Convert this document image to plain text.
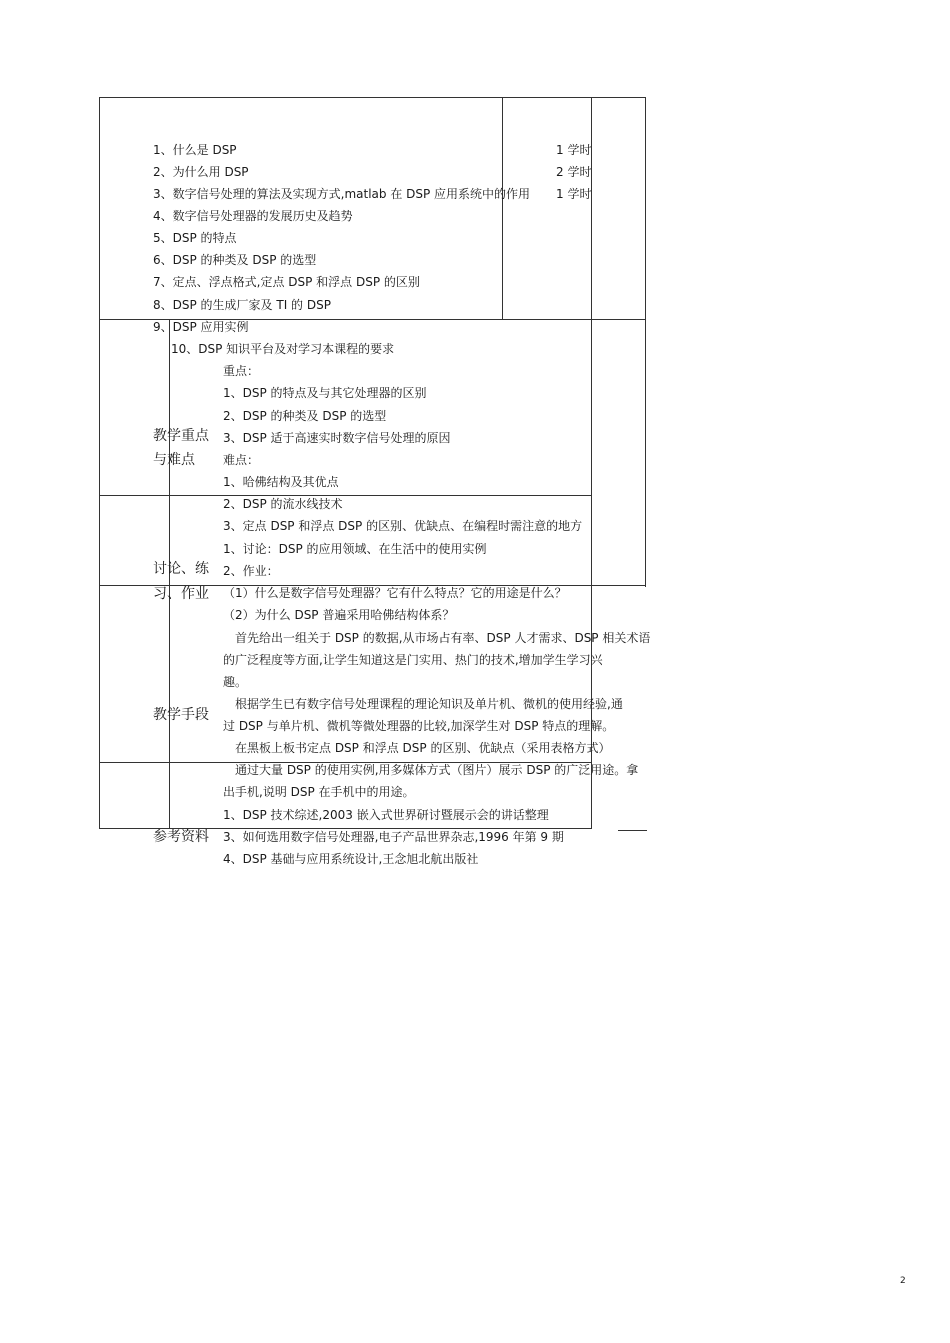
1、什么是 DSP
2、为什么用 DSP
3、数字信号处理的算法及实现方式,matlab 在 DSP 应用系统中的作用
4、数字信号处理器的发展历史及趋势
5、DSP 的特点
6、DSP 的种类及 DSP 的选型
7、定点、浮点格式,定点 DSP 和浮点 DSP 的区别
8、DSP 的生成厂家及 TI 的 DSP
9、DSP 应用实例
10、DSP 知识平台及对学习本课程的要求
1 学时
2 学时
1 学时
教学重点
与难点
重点：
1、DSP 的特点及与其它处理器的区别
2、DSP 的种类及 DSP 的选型
3、DSP 适于高速实时数字信号处理的原因
难点：
1、哈佛结构及其优点
2、DSP 的流水线技术
3、定点 DSP 和浮点 DSP 的区别、优缺点、在编程时需注意的地方
讨论、练
习、作业
1、讨论：DSP 的应用领域、在生活中的使用实例
2、作业：
（1）什么是数字信号处理器？它有什么特点？它的用途是什么？
（2）为什么 DSP 普遍采用哈佛结构体系？
教学手段
首先给出一组关于 DSP 的数据,从市场占有率、DSP 人才需求、DSP 相关术语
的广泛程度等方面,让学生知道这是门实用、热门的技术,增加学生学习兴
趣。
根据学生已有数字信号处理课程的理论知识及单片机、微机的使用经验,通
过 DSP 与单片机、微机等微处理器的比较,加深学生对 DSP 特点的理解。
在黑板上板书定点 DSP 和浮点 DSP 的区别、优缺点（采用表格方式）
通过大量 DSP 的使用实例,用多媒体方式（图片）展示 DSP 的广泛用途。拿
出手机,说明 DSP 在手机中的用途。
参考资料
1、DSP 技术综述,2003 嵌入式世界研讨暨展示会的讲话整理
3、如何选用数字信号处理器,电子产品世界杂志,1996 年第 9 期
4、DSP 基础与应用系统设计,王念旭北航出版社
2
